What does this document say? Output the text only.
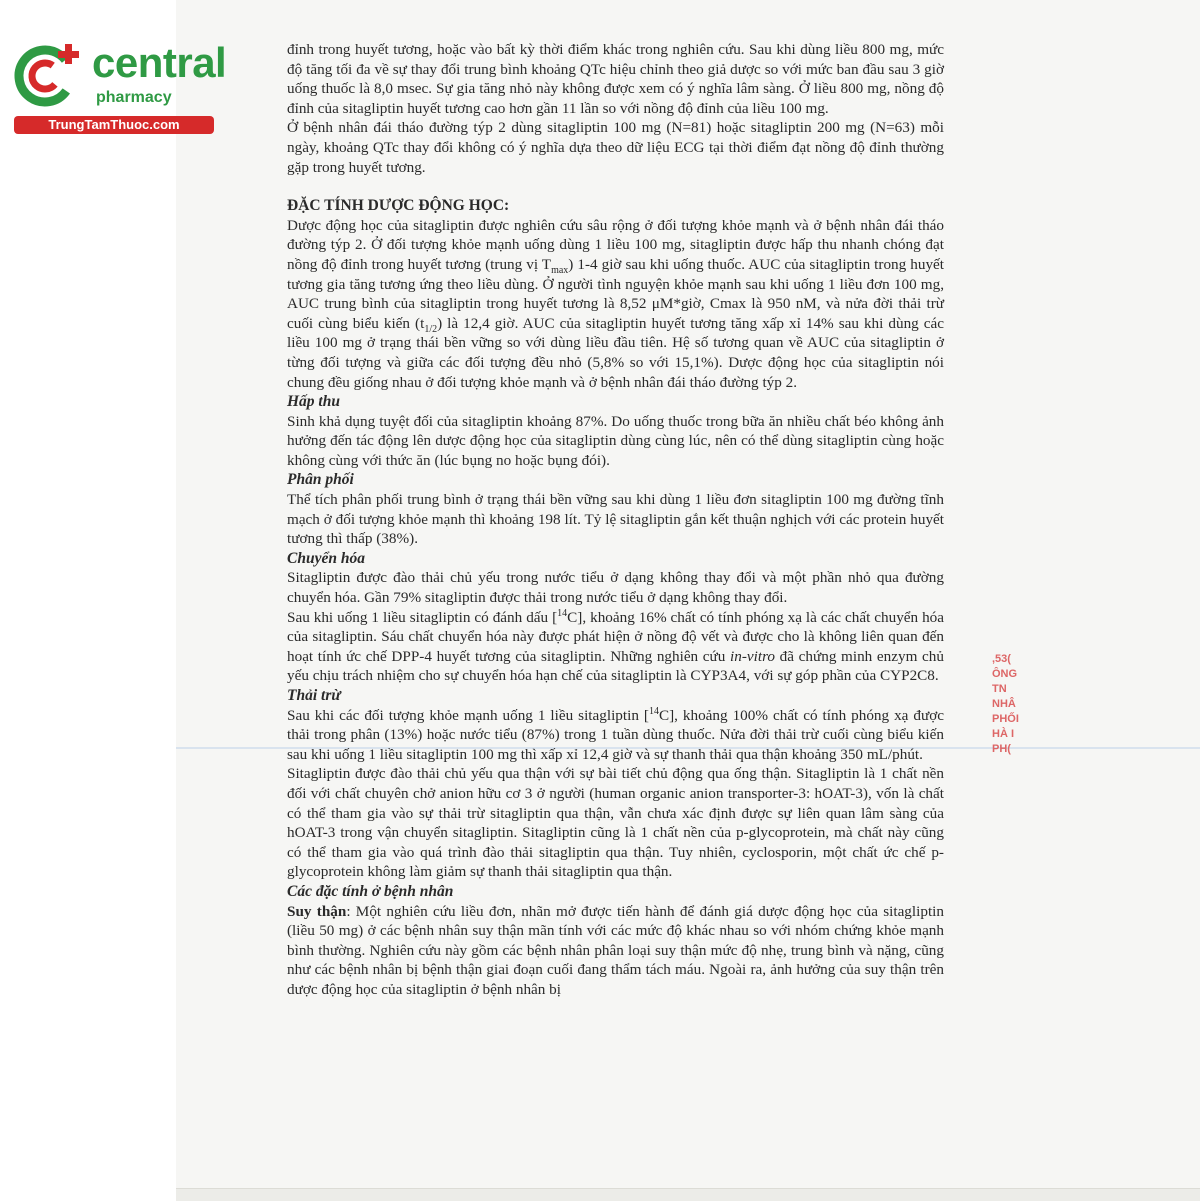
central
pharmacy
TrungTamThuoc.com

đỉnh trong huyết tương, hoặc vào bất kỳ thời điểm khác trong nghiên cứu. Sau khi dùng liều 800 mg, mức độ tăng tối đa về sự thay đổi trung bình khoảng QTc hiệu chỉnh theo giả dược so với mức ban đầu sau 3 giờ uống thuốc là 8,0 msec. Sự gia tăng nhỏ này không được xem có ý nghĩa lâm sàng. Ở liều 800 mg, nồng độ đỉnh của sitagliptin huyết tương cao hơn gần 11 lần so với nồng độ đỉnh của liều 100 mg.

Ở bệnh nhân đái tháo đường týp 2 dùng sitagliptin 100 mg (N=81) hoặc sitagliptin 200 mg (N=63) mỗi ngày, khoảng QTc thay đổi không có ý nghĩa dựa theo dữ liệu ECG tại thời điểm đạt nồng độ đỉnh thường gặp trong huyết tương.

ĐẶC TÍNH DƯỢC ĐỘNG HỌC:

Dược động học của sitagliptin được nghiên cứu sâu rộng ở đối tượng khỏe mạnh và ở bệnh nhân đái tháo đường týp 2. Ở đối tượng khỏe mạnh uống dùng 1 liều 100 mg, sitagliptin được hấp thu nhanh chóng đạt nồng độ đỉnh trong huyết tương (trung vị $T_{max}$) 1-4 giờ sau khi uống thuốc. AUC của sitagliptin trong huyết tương gia tăng tương ứng theo liều dùng. Ở người tình nguyện khỏe mạnh sau khi uống 1 liều đơn 100 mg, AUC trung bình của sitagliptin trong huyết tương là 8,52 μM*giờ, Cmax là 950 nM, và nửa đời thải trừ cuối cùng biểu kiến $(t_{1/2})$ là 12,4 giờ. AUC của sitagliptin huyết tương tăng xấp xỉ 14% sau khi dùng các liều 100 mg ở trạng thái bền vững so với dùng liều đầu tiên. Hệ số tương quan về AUC của sitagliptin ở từng đối tượng và giữa các đối tượng đều nhỏ (5,8% so với 15,1%). Dược động học của sitagliptin nói chung đều giống nhau ở đối tượng khỏe mạnh và ở bệnh nhân đái tháo đường týp 2.

Hấp thu

Sinh khả dụng tuyệt đối của sitagliptin khoảng 87%. Do uống thuốc trong bữa ăn nhiều chất béo không ảnh hưởng đến tác động lên dược động học của sitagliptin dùng cùng lúc, nên có thể dùng sitagliptin cùng hoặc không cùng với thức ăn (lúc bụng no hoặc bụng đói).

Phân phối

Thể tích phân phối trung bình ở trạng thái bền vững sau khi dùng 1 liều đơn sitagliptin 100 mg đường tĩnh mạch ở đối tượng khỏe mạnh thì khoảng 198 lít. Tỷ lệ sitagliptin gắn kết thuận nghịch với các protein huyết tương thì thấp (38%).

Chuyển hóa

Sitagliptin được đào thải chủ yếu trong nước tiểu ở dạng không thay đổi và một phần nhỏ qua đường chuyển hóa. Gần 79% sitagliptin được thải trong nước tiểu ở dạng không thay đổi.

Sau khi uống 1 liều sitagliptin có đánh dấu [$^{14}$C], khoảng 16% chất có tính phóng xạ là các chất chuyển hóa của sitagliptin. Sáu chất chuyển hóa này được phát hiện ở nồng độ vết và được cho là không liên quan đến hoạt tính ức chế DPP-4 huyết tương của sitagliptin. Những nghiên cứu in-vitro đã chứng minh enzym chủ yếu chịu trách nhiệm cho sự chuyển hóa hạn chế của sitagliptin là CYP3A4, với sự góp phần của CYP2C8.

Thải trừ

Sau khi các đối tượng khỏe mạnh uống 1 liều sitagliptin [$^{14}$C], khoảng 100% chất có tính phóng xạ được thải trong phân (13%) hoặc nước tiểu (87%) trong 1 tuần dùng thuốc. Nửa đời thải trừ cuối cùng biểu kiến sau khi uống 1 liều sitagliptin 100 mg thì xấp xỉ 12,4 giờ và sự thanh thải qua thận khoảng 350 mL/phút.

Sitagliptin được đào thải chủ yếu qua thận với sự bài tiết chủ động qua ống thận. Sitagliptin là 1 chất nền đối với chất chuyên chở anion hữu cơ 3 ở người (human organic anion transporter-3: hOAT-3), vốn là chất có thể tham gia vào sự thải trừ sitagliptin qua thận, vẫn chưa xác định được sự liên quan lâm sàng của hOAT-3 trong vận chuyển sitagliptin. Sitagliptin cũng là 1 chất nền của p-glycoprotein, mà chất này cũng có thể tham gia vào quá trình đào thải sitagliptin qua thận. Tuy nhiên, cyclosporin, một chất ức chế p-glycoprotein không làm giảm sự thanh thải sitagliptin qua thận.

Các đặc tính ở bệnh nhân

Suy thận: Một nghiên cứu liều đơn, nhãn mở được tiến hành để đánh giá dược động học của sitagliptin (liều 50 mg) ở các bệnh nhân suy thận mãn tính với các mức độ khác nhau so với nhóm chứng khỏe mạnh bình thường. Nghiên cứu này gồm các bệnh nhân phân loại suy thận mức độ nhẹ, trung bình và nặng, cũng như các bệnh nhân bị bệnh thận giai đoạn cuối đang thẩm tách máu. Ngoài ra, ảnh hưởng của suy thận trên dược động học của sitagliptin ở bệnh nhân bị

,53(
ÔNG
TN
NHÂ
PHỐI
HÀ I
PH(
